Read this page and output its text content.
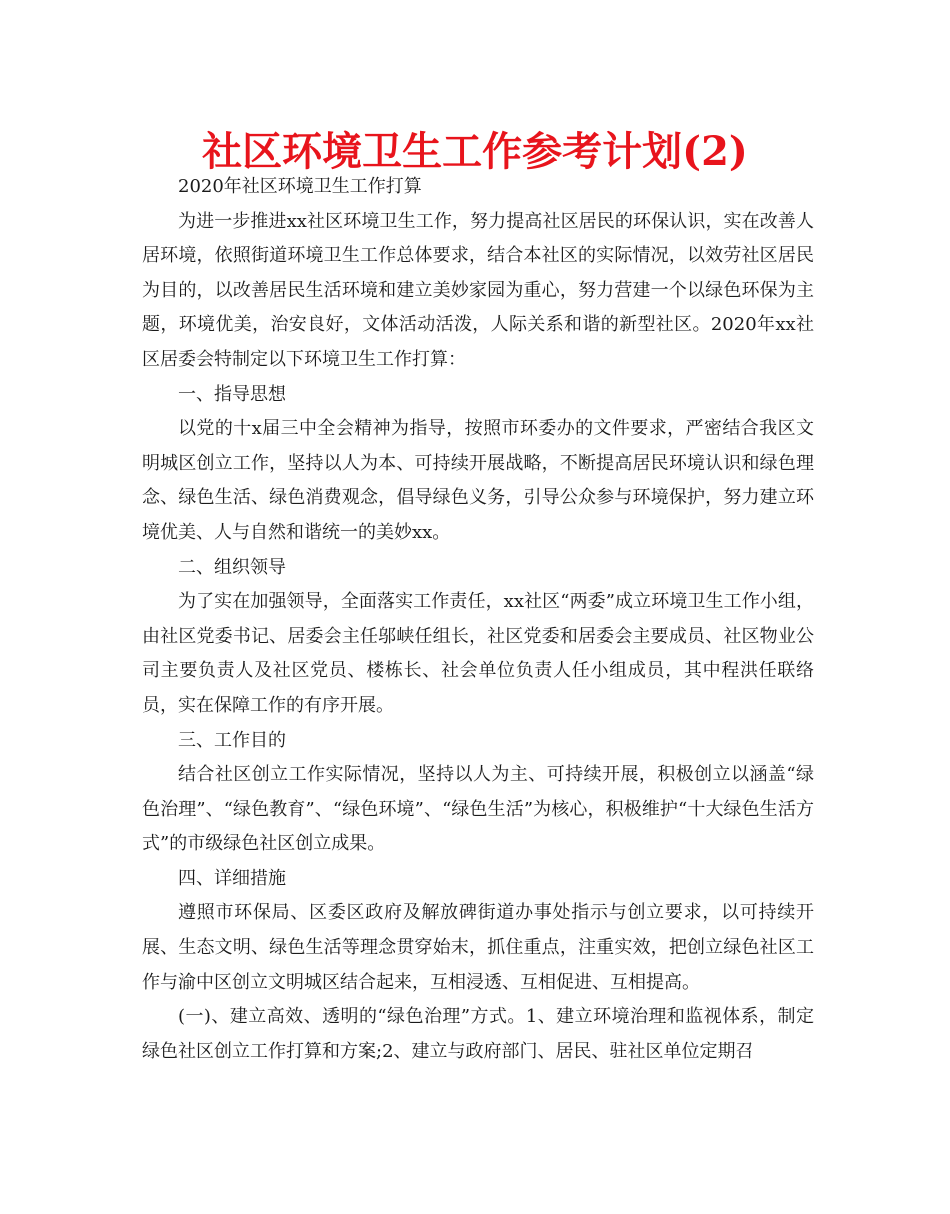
社区环境卫生工作参考计划(2)

2020年社区环境卫生工作打算

为进一步推进xx社区环境卫生工作，努力提高社区居民的环保认识，实在改善人居环境，依照街道环境卫生工作总体要求，结合本社区的实际情况，以效劳社区居民为目的，以改善居民生活环境和建立美妙家园为重心，努力营建一个以绿色环保为主题，环境优美，治安良好，文体活动活泼，人际关系和谐的新型社区。2020年xx社区居委会特制定以下环境卫生工作打算：

一、指导思想

以党的十x届三中全会精神为指导，按照市环委办的文件要求，严密结合我区文明城区创立工作，坚持以人为本、可持续开展战略，不断提高居民环境认识和绿色理念、绿色生活、绿色消费观念，倡导绿色义务，引导公众参与环境保护，努力建立环境优美、人与自然和谐统一的美妙xx。

二、组织领导

为了实在加强领导，全面落实工作责任，xx社区“两委”成立环境卫生工作小组，由社区党委书记、居委会主任邬峡任组长，社区党委和居委会主要成员、社区物业公司主要负责人及社区党员、楼栋长、社会单位负责人任小组成员，其中程洪任联络员，实在保障工作的有序开展。

三、工作目的

结合社区创立工作实际情况，坚持以人为主、可持续开展，积极创立以涵盖“绿色治理”、“绿色教育”、“绿色环境”、“绿色生活”为核心，积极维护“十大绿色生活方式”的市级绿色社区创立成果。

四、详细措施

遵照市环保局、区委区政府及解放碑街道办事处指示与创立要求，以可持续开展、生态文明、绿色生活等理念贯穿始末，抓住重点，注重实效，把创立绿色社区工作与渝中区创立文明城区结合起来，互相浸透、互相促进、互相提高。

(一)、建立高效、透明的“绿色治理”方式。1、建立环境治理和监视体系，制定绿色社区创立工作打算和方案;2、建立与政府部门、居民、驻社区单位定期召
